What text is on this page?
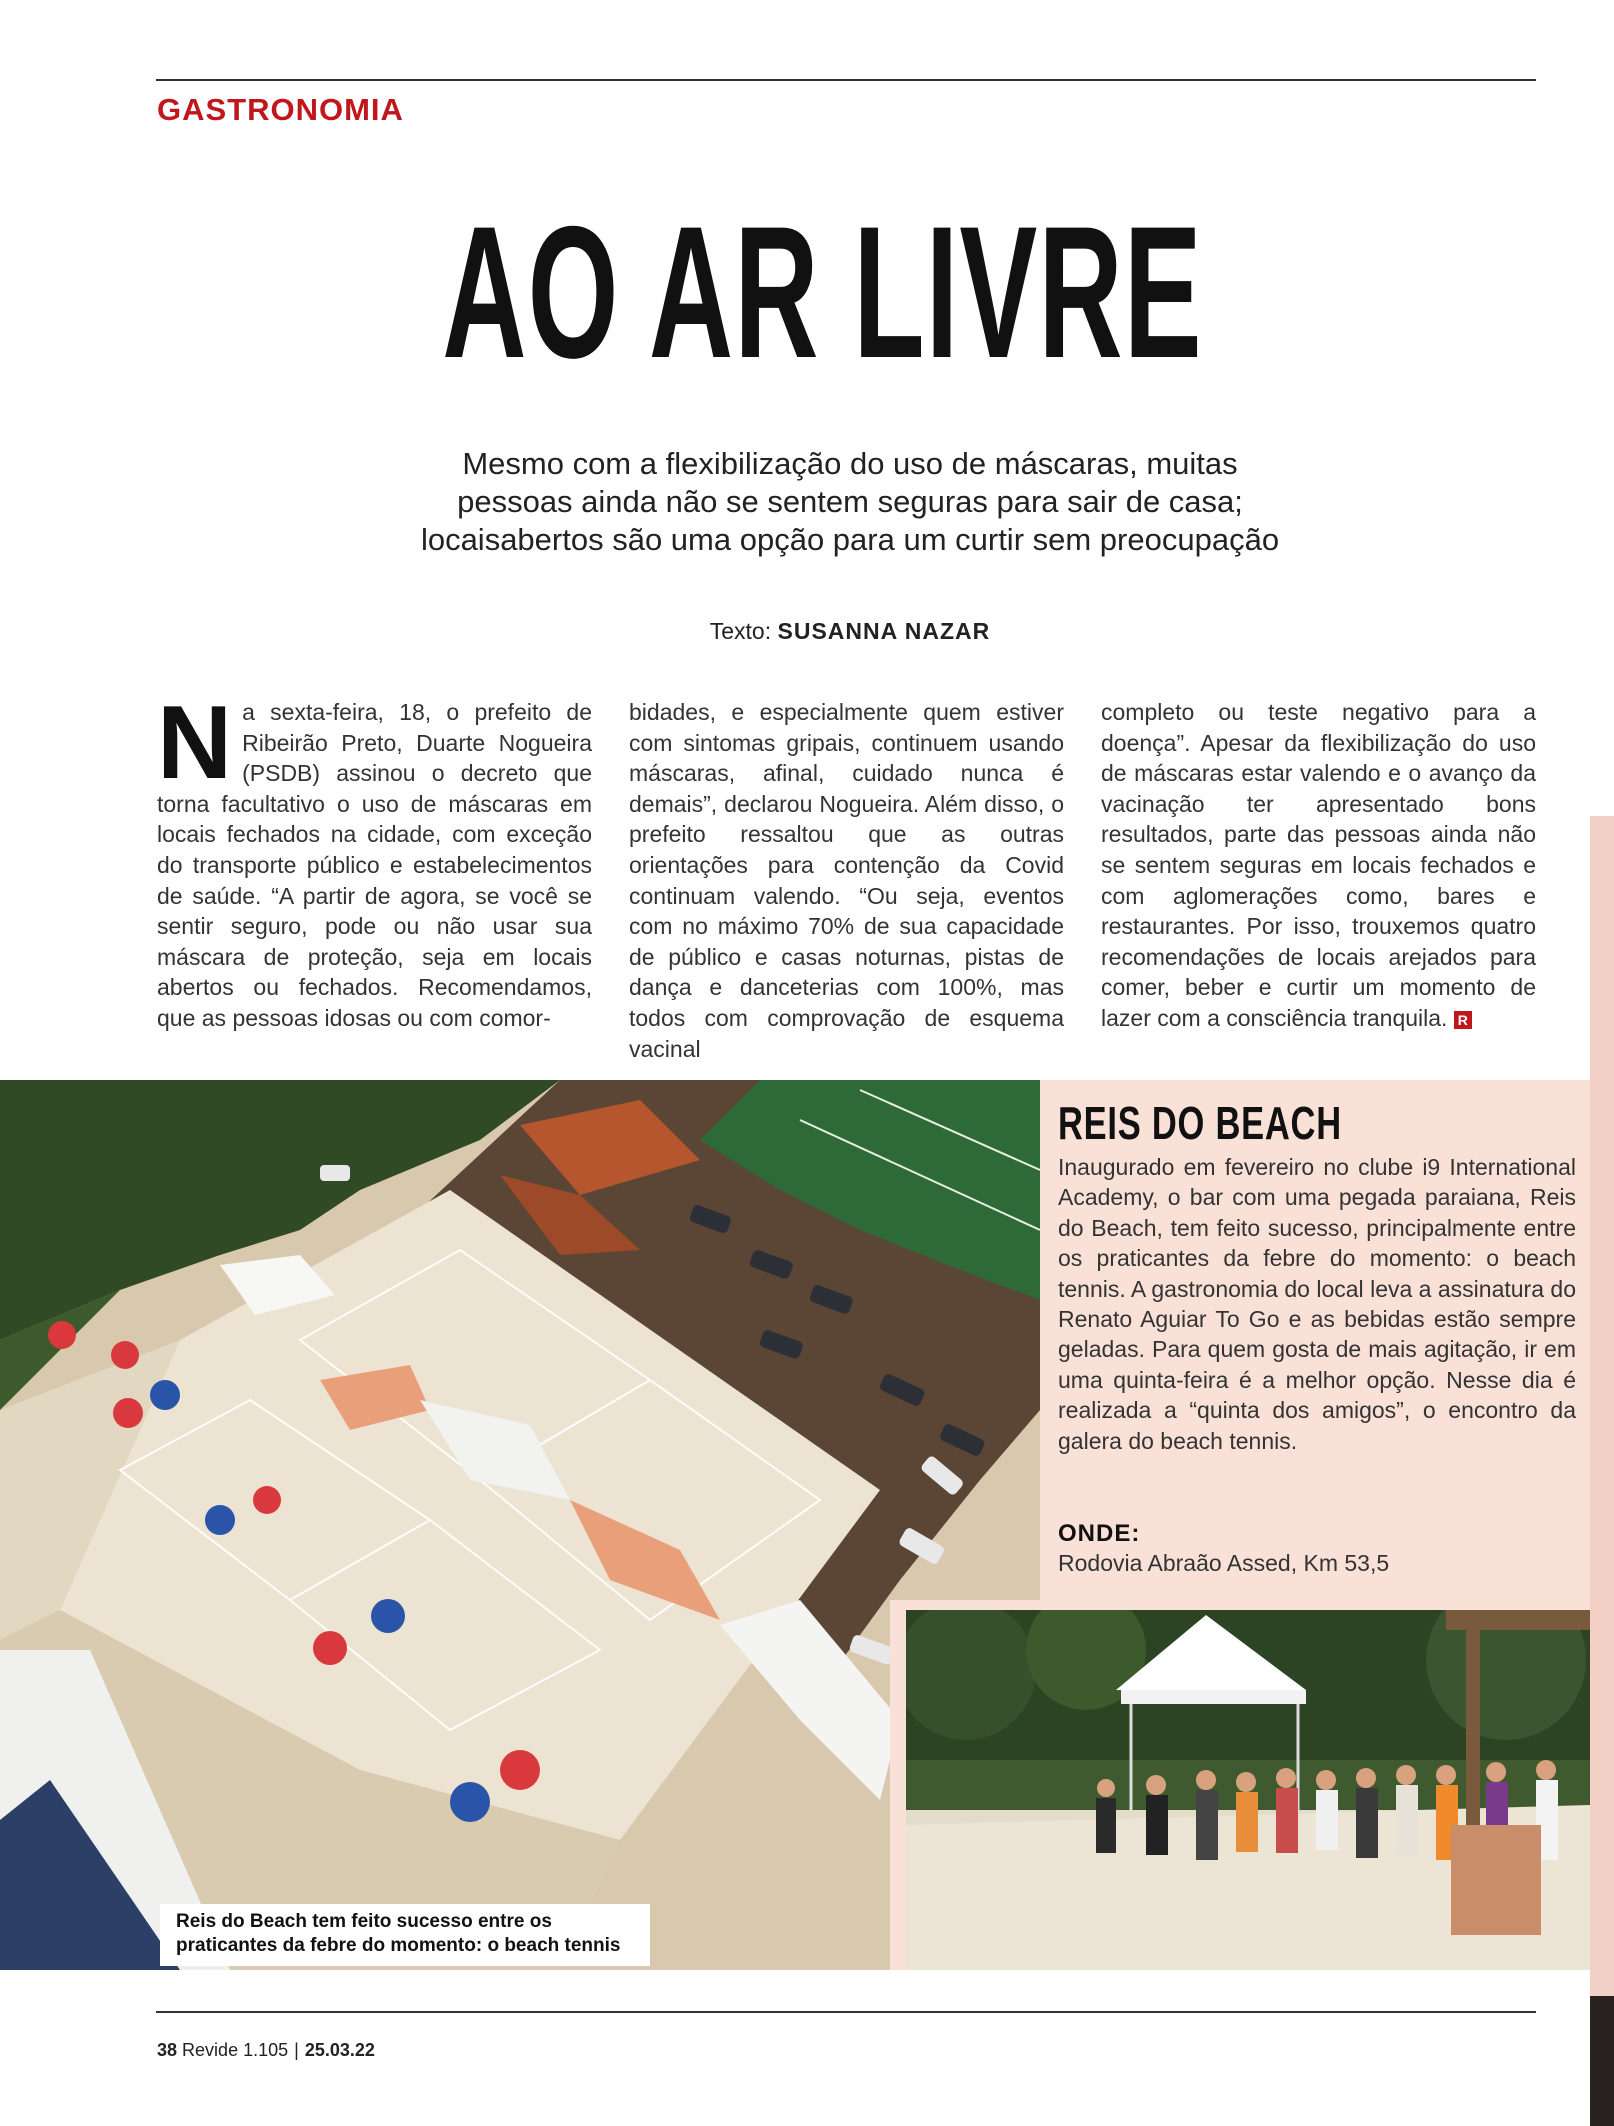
GASTRONOMIA
AO AR LIVRE
Mesmo com a flexibilização do uso de máscaras, muitas
pessoas ainda não se sentem seguras para sair de casa;
locaisabertos são uma opção para um curtir sem preocupação
Texto: SUSANNA NAZAR
Na sexta-feira, 18, o prefeito de Ribeirão Preto, Duarte Nogueira (PSDB) assinou o decreto que torna facultativo o uso de máscaras em locais fechados na cidade, com exceção do transporte público e estabelecimentos de saúde. “A partir de agora, se você se sentir seguro, pode ou não usar sua máscara de proteção, seja em locais abertos ou fechados. Recomendamos, que as pessoas idosas ou com comor-
bidades, e especialmente quem estiver com sintomas gripais, continuem usando máscaras, afinal, cuidado nunca é demais”, declarou Nogueira. Além disso, o prefeito ressaltou que as outras orientações para contenção da Covid continuam valendo. “Ou seja, eventos com no máximo 70% de sua capacidade de público e casas noturnas, pistas de dança e danceterias com 100%, mas todos com comprovação de esquema vacinal
completo ou teste negativo para a doença”. Apesar da flexibilização do uso de máscaras estar valendo e o avanço da vacinação ter apresentado bons resultados, parte das pessoas ainda não se sentem seguras em locais fechados e com aglomerações como, bares e restaurantes. Por isso, trouxemos quatro recomendações de locais arejados para comer, beber e curtir um momento de lazer com a consciência tranquila. R
REIS DO BEACH
Inaugurado em fevereiro no clube i9 International Academy, o bar com uma pegada paraiana, Reis do Beach, tem feito sucesso, principalmente entre os praticantes da febre do momento: o beach tennis. A gastronomia do local leva a assinatura do Renato Aguiar To Go e as bebidas estão sempre geladas. Para quem gosta de mais agitação, ir em uma quinta-feira é a melhor opção. Nesse dia é realizada a “quinta dos amigos”, o encontro da galera do beach tennis.
ONDE:
Rodovia Abraão Assed, Km 53,5
Reis do Beach tem feito sucesso entre os
praticantes da febre do momento: o beach tennis
38 Revide 1.105 | 25.03.22
